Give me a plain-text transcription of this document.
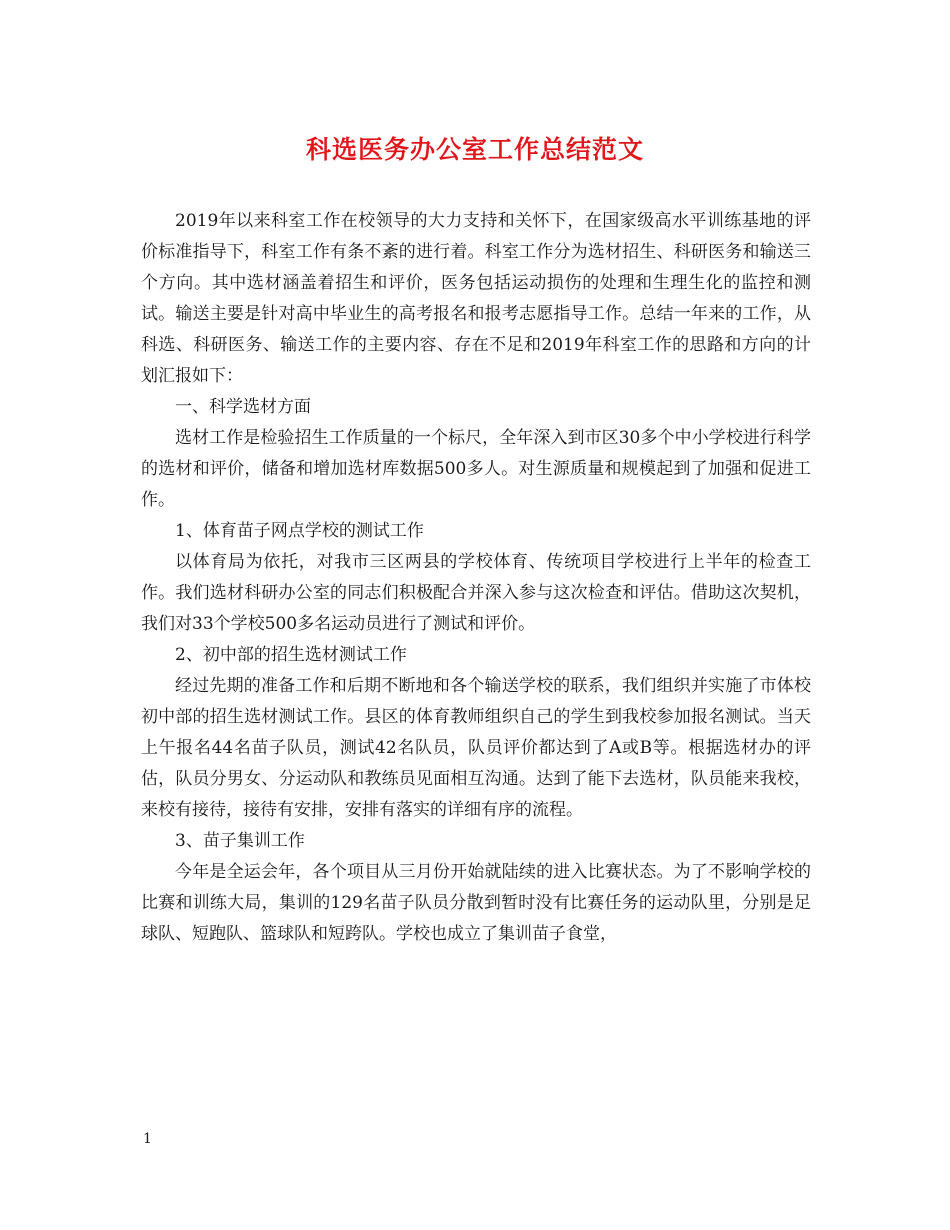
科选医务办公室工作总结范文

2019年以来科室工作在校领导的大力支持和关怀下，在国家级高水平训练基地的评价标准指导下，科室工作有条不紊的进行着。科室工作分为选材招生、科研医务和输送三个方向。其中选材涵盖着招生和评价，医务包括运动损伤的处理和生理生化的监控和测试。输送主要是针对高中毕业生的高考报名和报考志愿指导工作。总结一年来的工作，从科选、科研医务、输送工作的主要内容、存在不足和2019年科室工作的思路和方向的计划汇报如下：

一、科学选材方面

选材工作是检验招生工作质量的一个标尺，全年深入到市区30多个中小学校进行科学的选材和评价，储备和增加选材库数据500多人。对生源质量和规模起到了加强和促进工作。

1、体育苗子网点学校的测试工作

以体育局为依托，对我市三区两县的学校体育、传统项目学校进行上半年的检查工作。我们选材科研办公室的同志们积极配合并深入参与这次检查和评估。借助这次契机，我们对33个学校500多名运动员进行了测试和评价。

2、初中部的招生选材测试工作

经过先期的准备工作和后期不断地和各个输送学校的联系，我们组织并实施了市体校初中部的招生选材测试工作。县区的体育教师组织自己的学生到我校参加报名测试。当天上午报名44名苗子队员，测试42名队员，队员评价都达到了A或B等。根据选材办的评估，队员分男女、分运动队和教练员见面相互沟通。达到了能下去选材，队员能来我校，来校有接待，接待有安排，安排有落实的详细有序的流程。

3、苗子集训工作

今年是全运会年，各个项目从三月份开始就陆续的进入比赛状态。为了不影响学校的比赛和训练大局，集训的129名苗子队员分散到暂时没有比赛任务的运动队里，分别是足球队、短跑队、篮球队和短跨队。学校也成立了集训苗子食堂，

1
